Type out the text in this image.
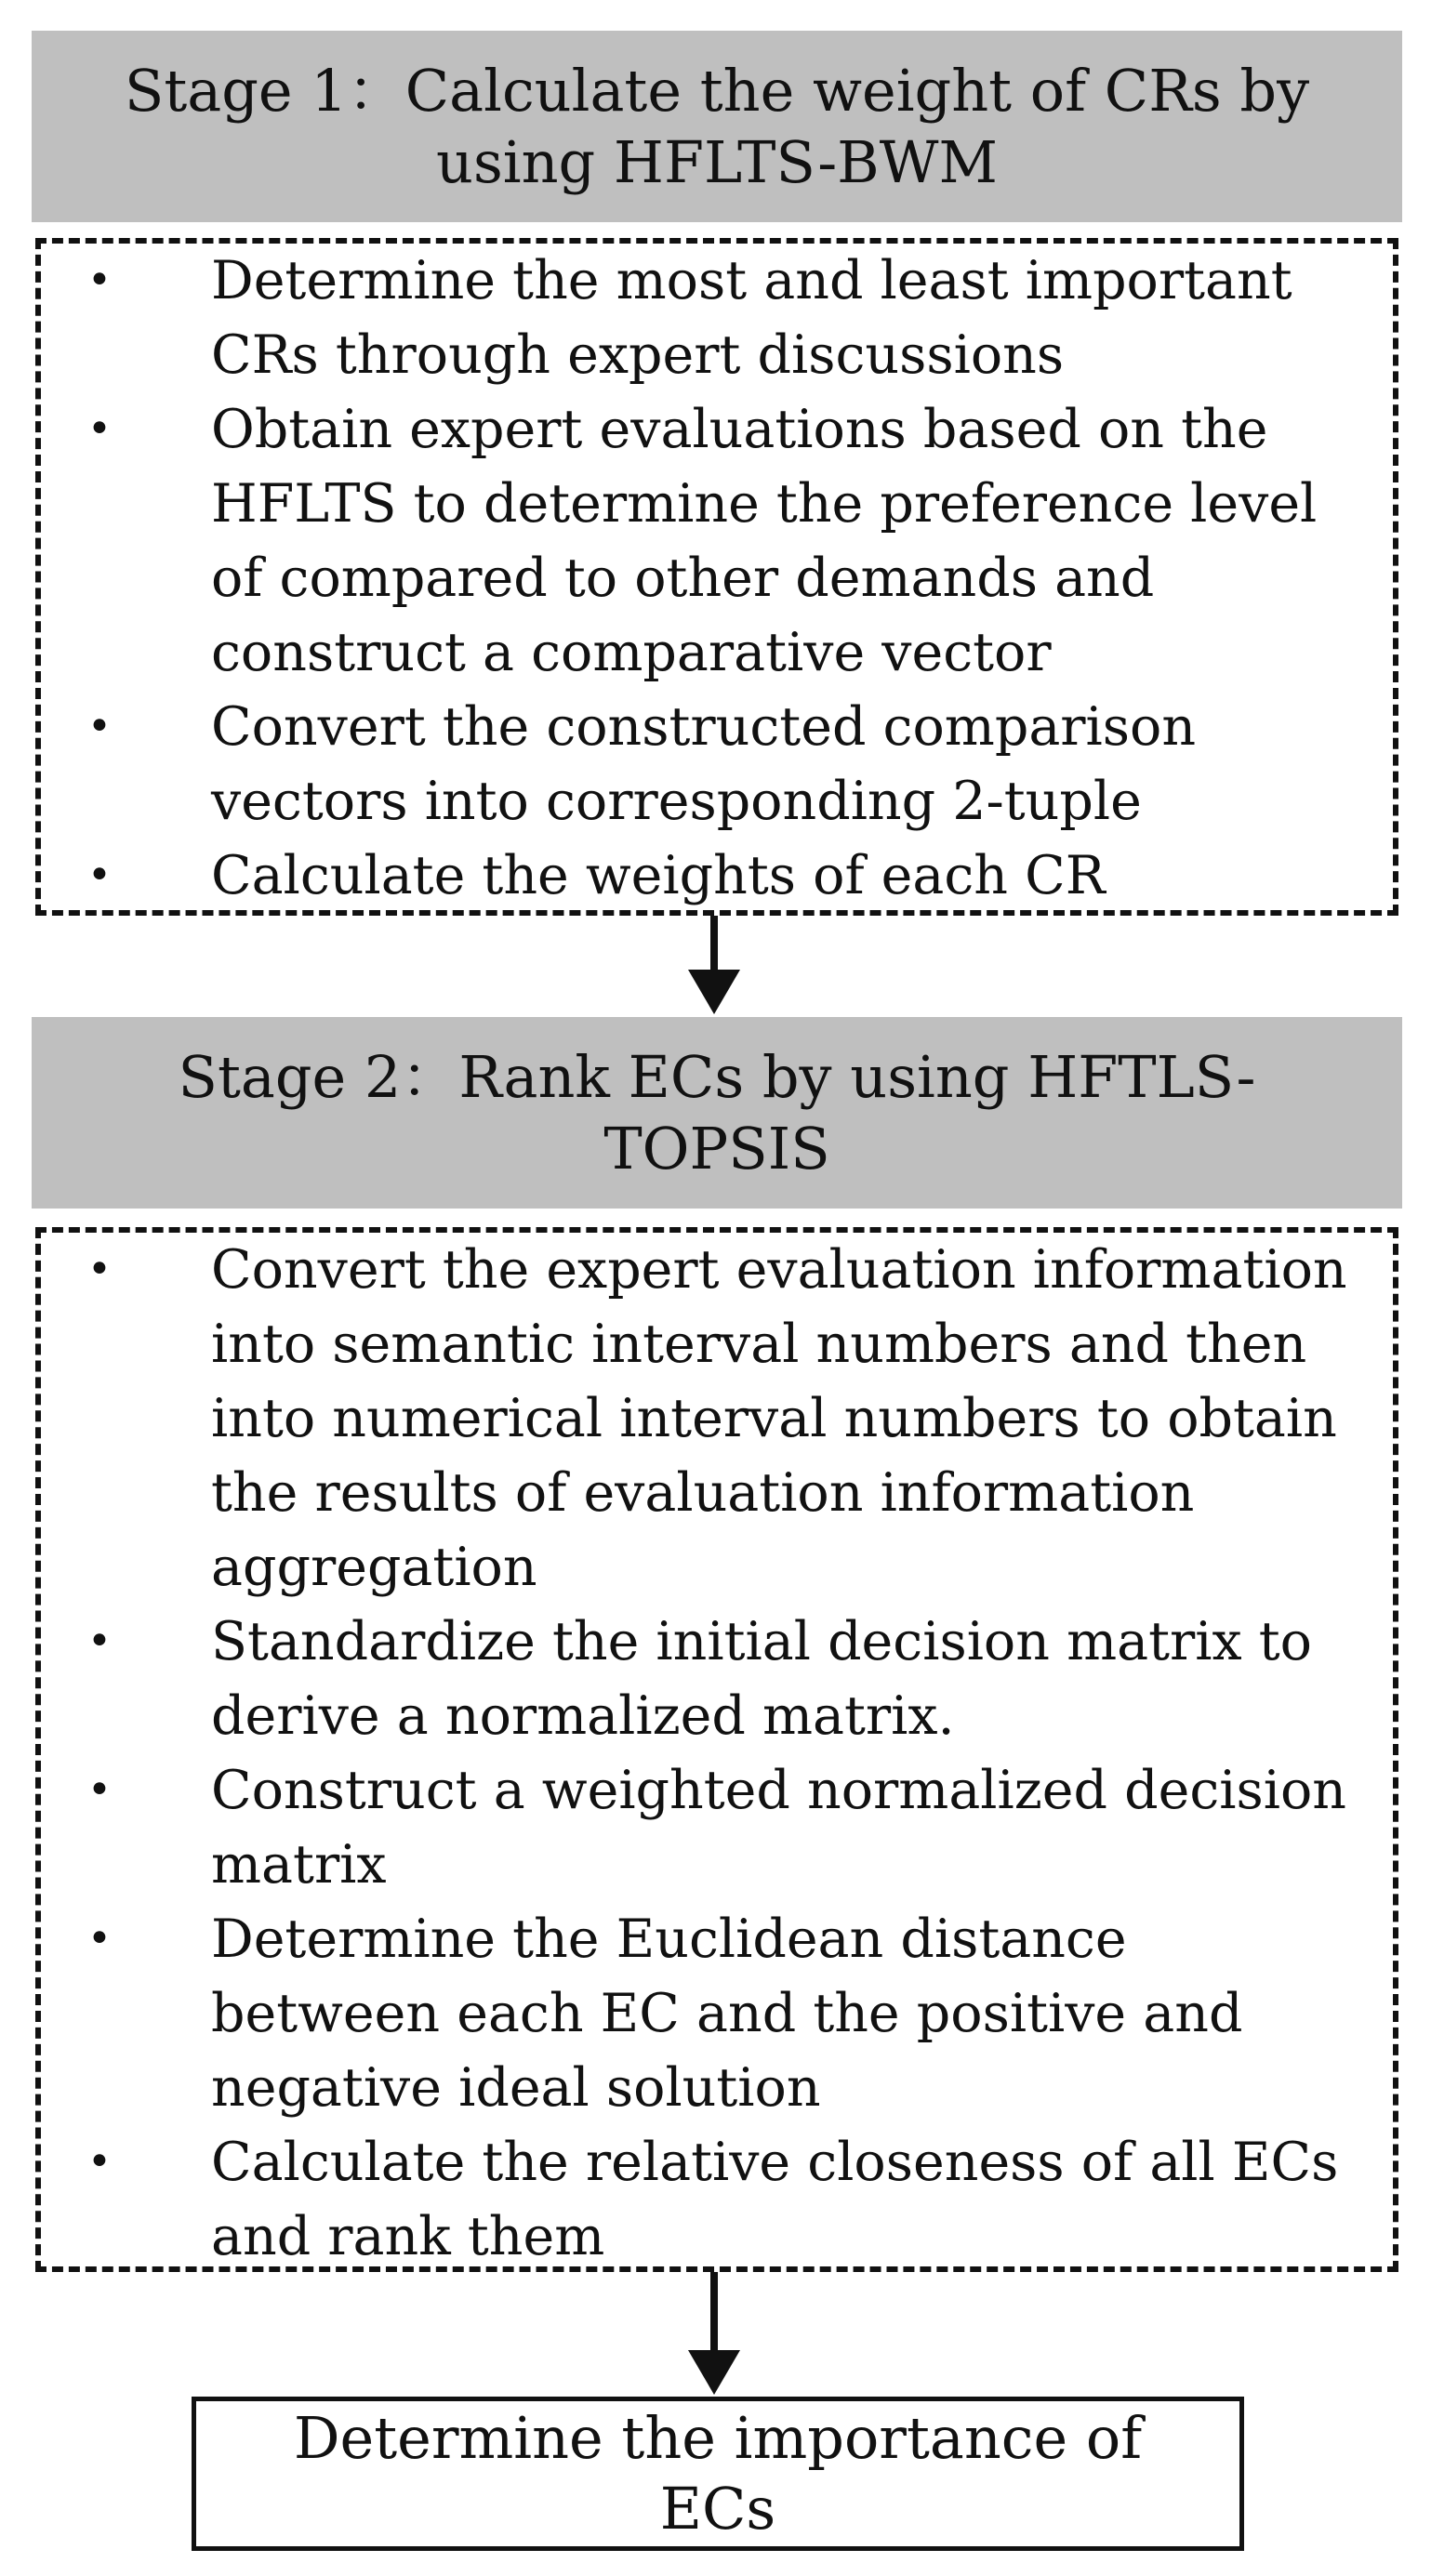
Stage 1：Calculate the weight of CRs by using HFLTS-BWM
• Determine the most and least important CRs through expert discussions
• Obtain expert evaluations based on the HFLTS to determine the preference level of compared to other demands and construct a comparative vector
• Convert the constructed comparison vectors into corresponding 2-tuple
• Calculate the weights of each CR
Stage 2：Rank ECs by using HFTLS-TOPSIS
• Convert the expert evaluation information into semantic interval numbers and then into numerical interval numbers to obtain the results of evaluation information aggregation
• Standardize the initial decision matrix to derive a normalized matrix.
• Construct a weighted normalized decision matrix
• Determine the Euclidean distance between each EC and the positive and negative ideal solution
• Calculate the relative closeness of all ECs and rank them
Determine the importance of ECs
